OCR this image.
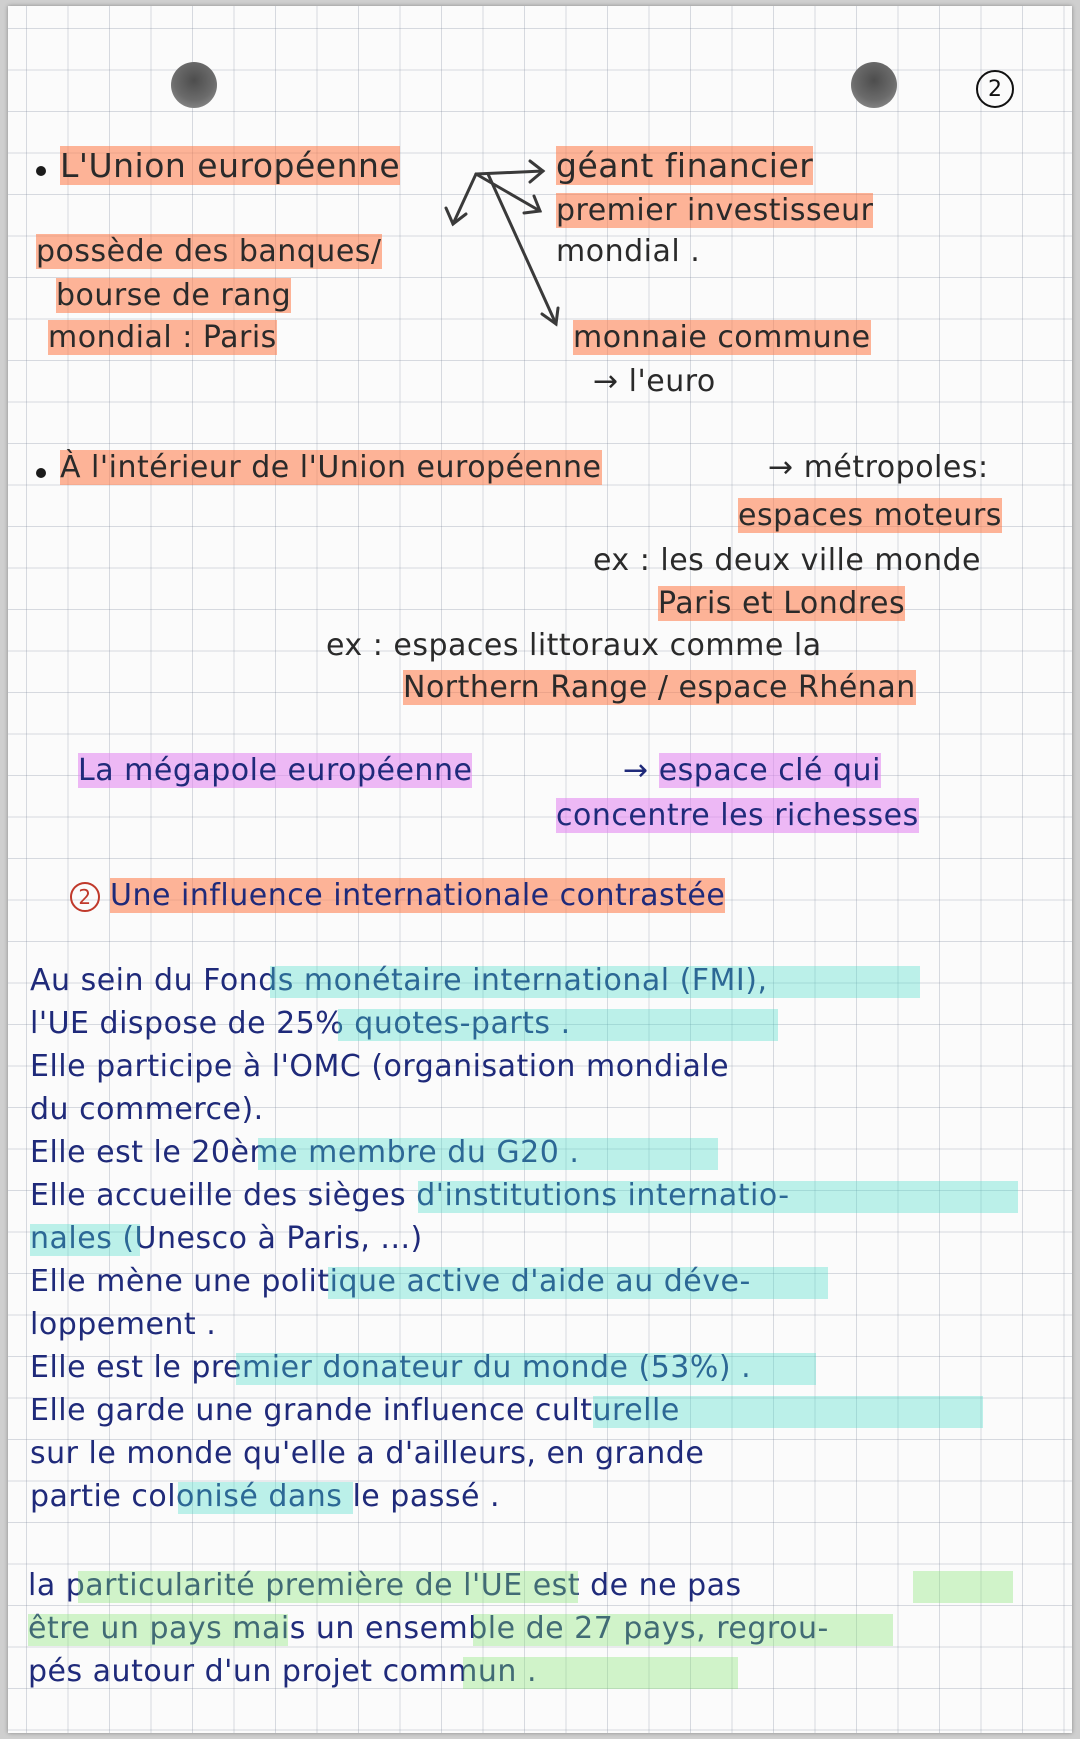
2
L'Union européenne	géant financier
premier investisseur
mondial .
possède des banques/
bourse de rang
mondial : Paris	monnaie commune
→ l'euro
À l'intérieur de l'Union européenne	→ métropoles:
espaces moteurs
ex : les deux ville monde
Paris et Londres
ex : espaces littoraux comme la
Northern Range / espace Rhénan
La mégapole européenne	→ espace clé qui
concentre les richesses
2 Une influence internationale contrastée
Au sein du Fonds monétaire international (FMI),
l'UE dispose de 25% quotes-parts .
Elle participe à l'OMC (organisation mondiale
du commerce).
Elle est le 20ème membre du G20 .
Elle accueille des sièges d'institutions internatio-
nales (Unesco à Paris, ...)
Elle mène une politique active d'aide au déve-
loppement .
Elle est le premier donateur du monde (53%) .
Elle garde une grande influence culturelle
sur le monde qu'elle a d'ailleurs, en grande
partie colonisé dans le passé .
la particularité première de l'UE est de ne pas
être un pays mais un ensemble de 27 pays, regrou-
pés autour d'un projet commun .
